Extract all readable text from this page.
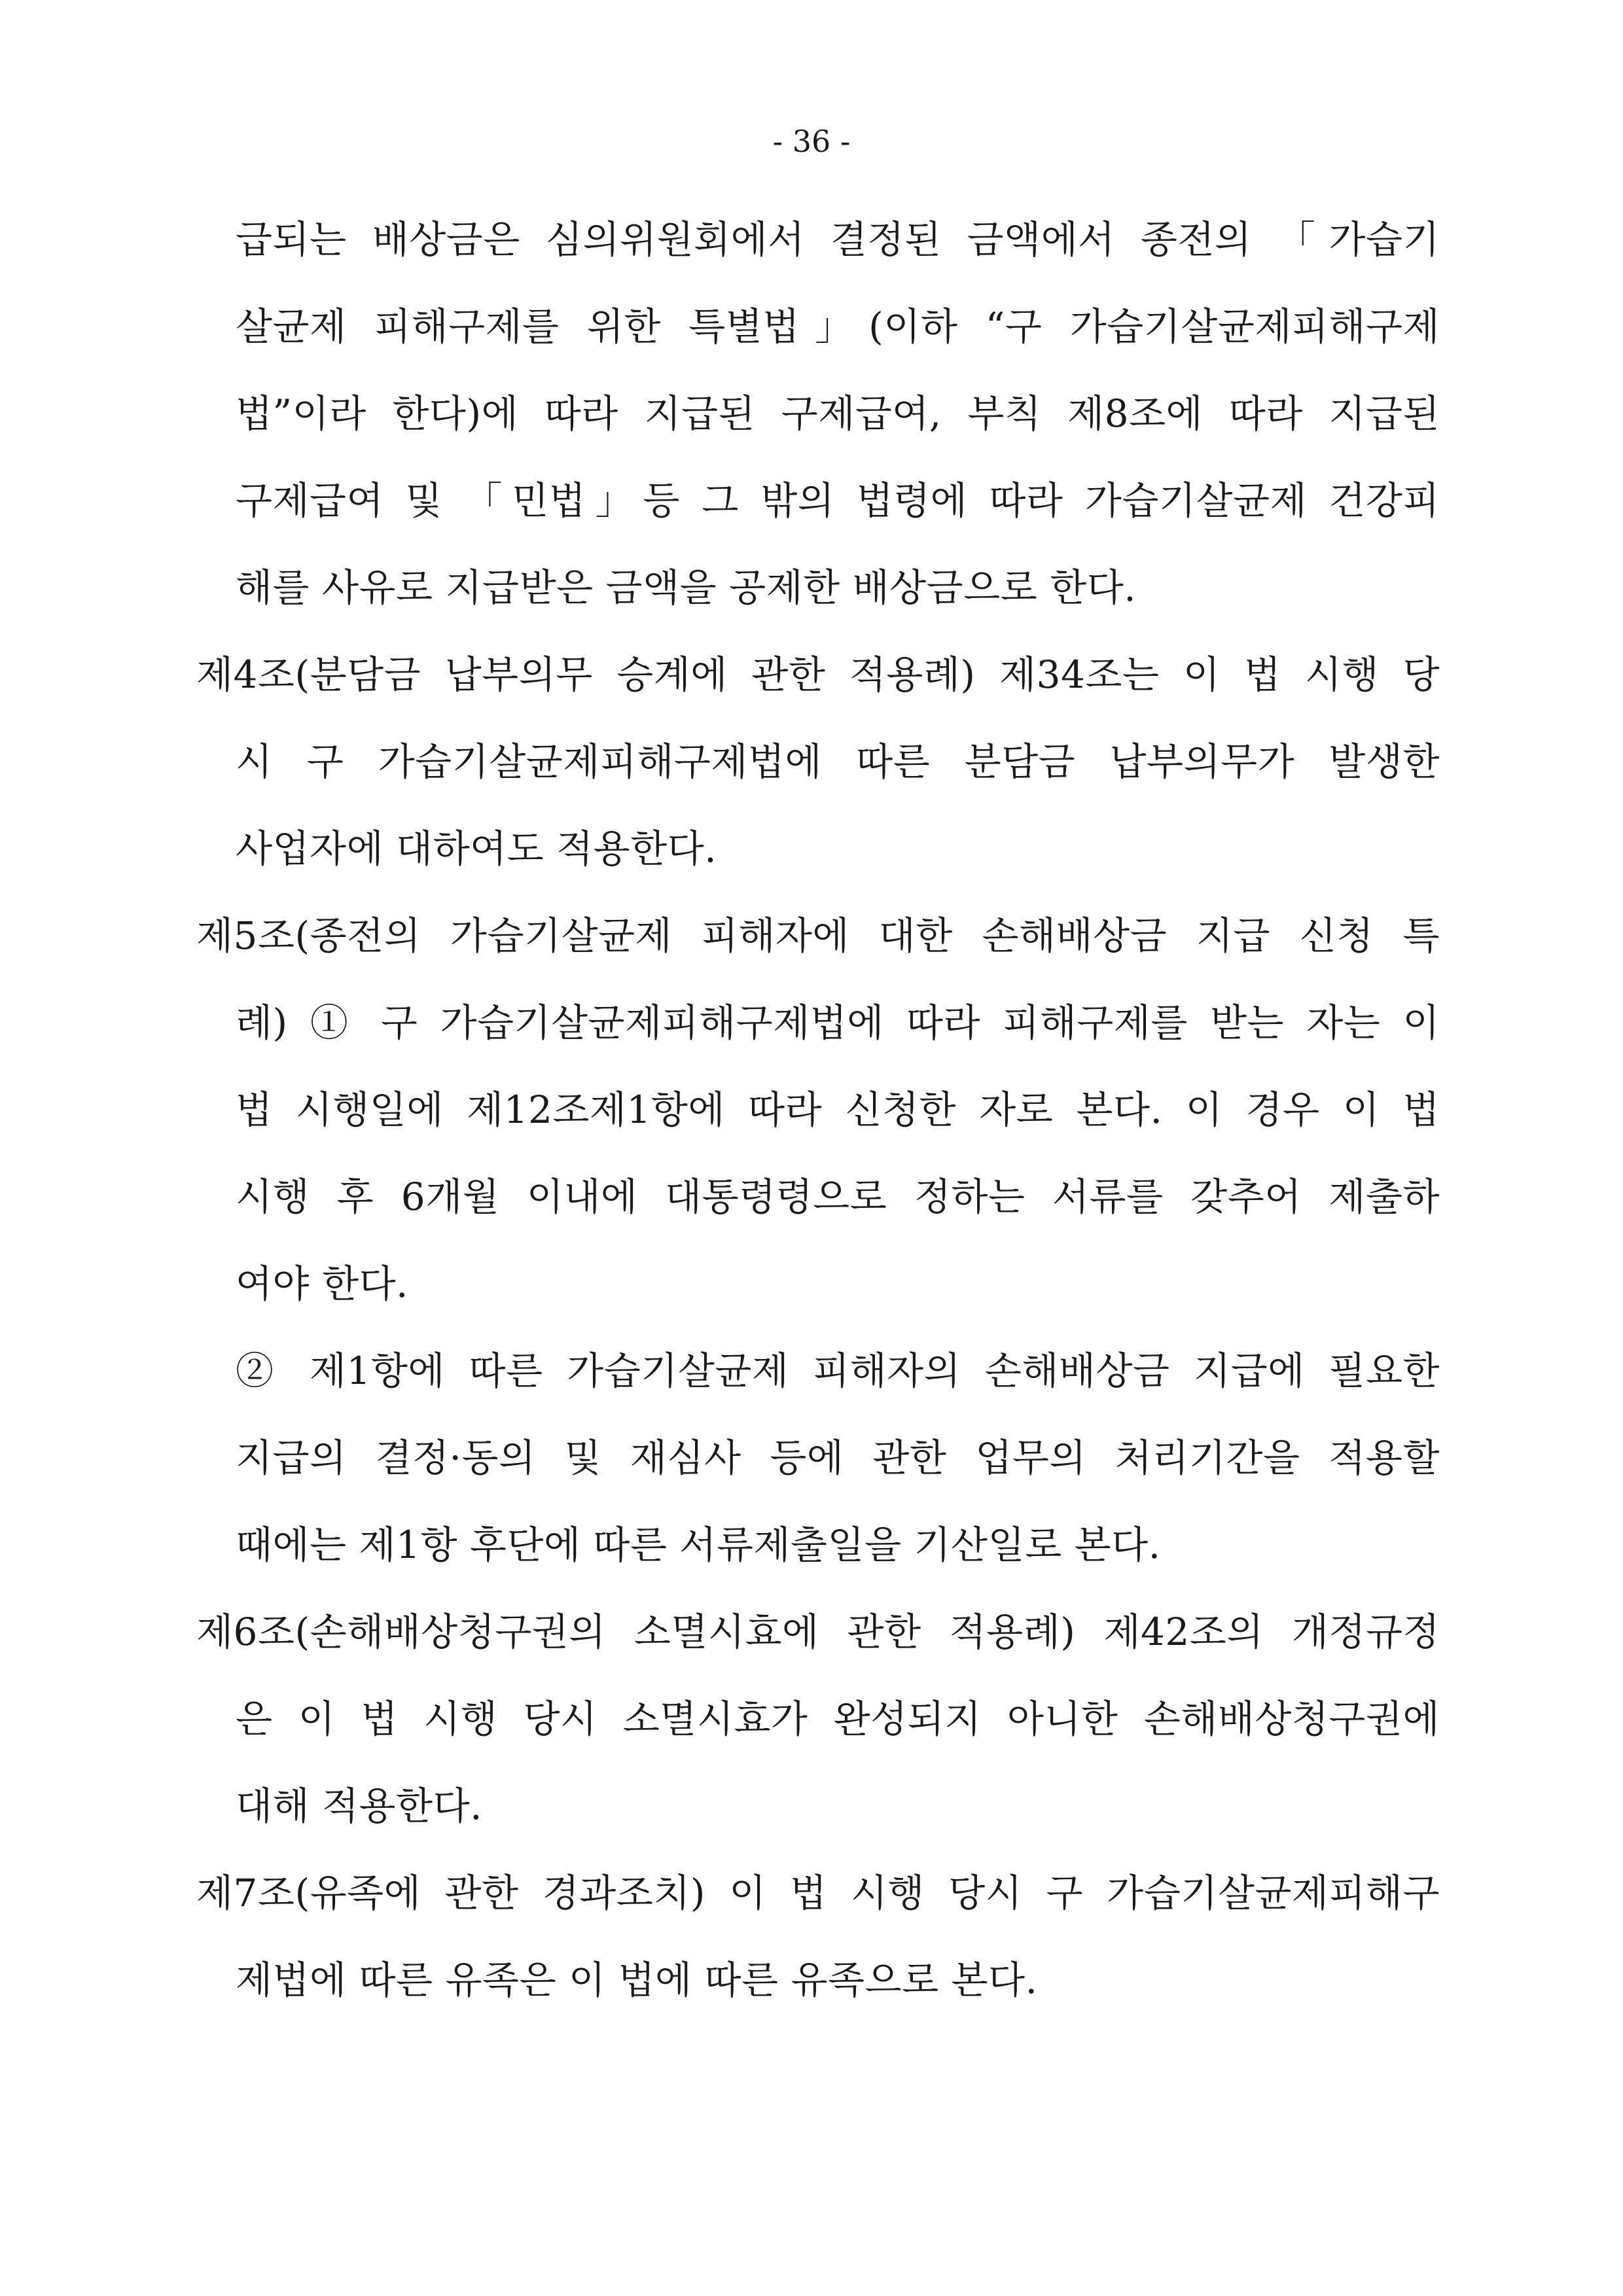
- 36 -
급되는 배상금은 심의위원회에서 결정된 금액에서 종전의 「가습기
살균제 피해구제를 위한 특별법」(이하 “구 가습기살균제피해구제
법”이라 한다)에 따라 지급된 구제급여, 부칙 제8조에 따라 지급된
구제급여 및 「민법」등 그 밖의 법령에 따라 가습기살균제 건강피
해를 사유로 지급받은 금액을 공제한 배상금으로 한다.
제4조(분담금 납부의무 승계에 관한 적용례) 제34조는 이 법 시행 당
시 구 가습기살균제피해구제법에 따른 분담금 납부의무가 발생한
사업자에 대하여도 적용한다.
제5조(종전의 가습기살균제 피해자에 대한 손해배상금 지급 신청 특
례) ① 구 가습기살균제피해구제법에 따라 피해구제를 받는 자는 이
법 시행일에 제12조제1항에 따라 신청한 자로 본다. 이 경우 이 법
시행 후 6개월 이내에 대통령령으로 정하는 서류를 갖추어 제출하
여야 한다.
② 제1항에 따른 가습기살균제 피해자의 손해배상금 지급에 필요한
지급의 결정·동의 및 재심사 등에 관한 업무의 처리기간을 적용할
때에는 제1항 후단에 따른 서류제출일을 기산일로 본다.
제6조(손해배상청구권의 소멸시효에 관한 적용례) 제42조의 개정규정
은 이 법 시행 당시 소멸시효가 완성되지 아니한 손해배상청구권에
대해 적용한다.
제7조(유족에 관한 경과조치) 이 법 시행 당시 구 가습기살균제피해구
제법에 따른 유족은 이 법에 따른 유족으로 본다.
